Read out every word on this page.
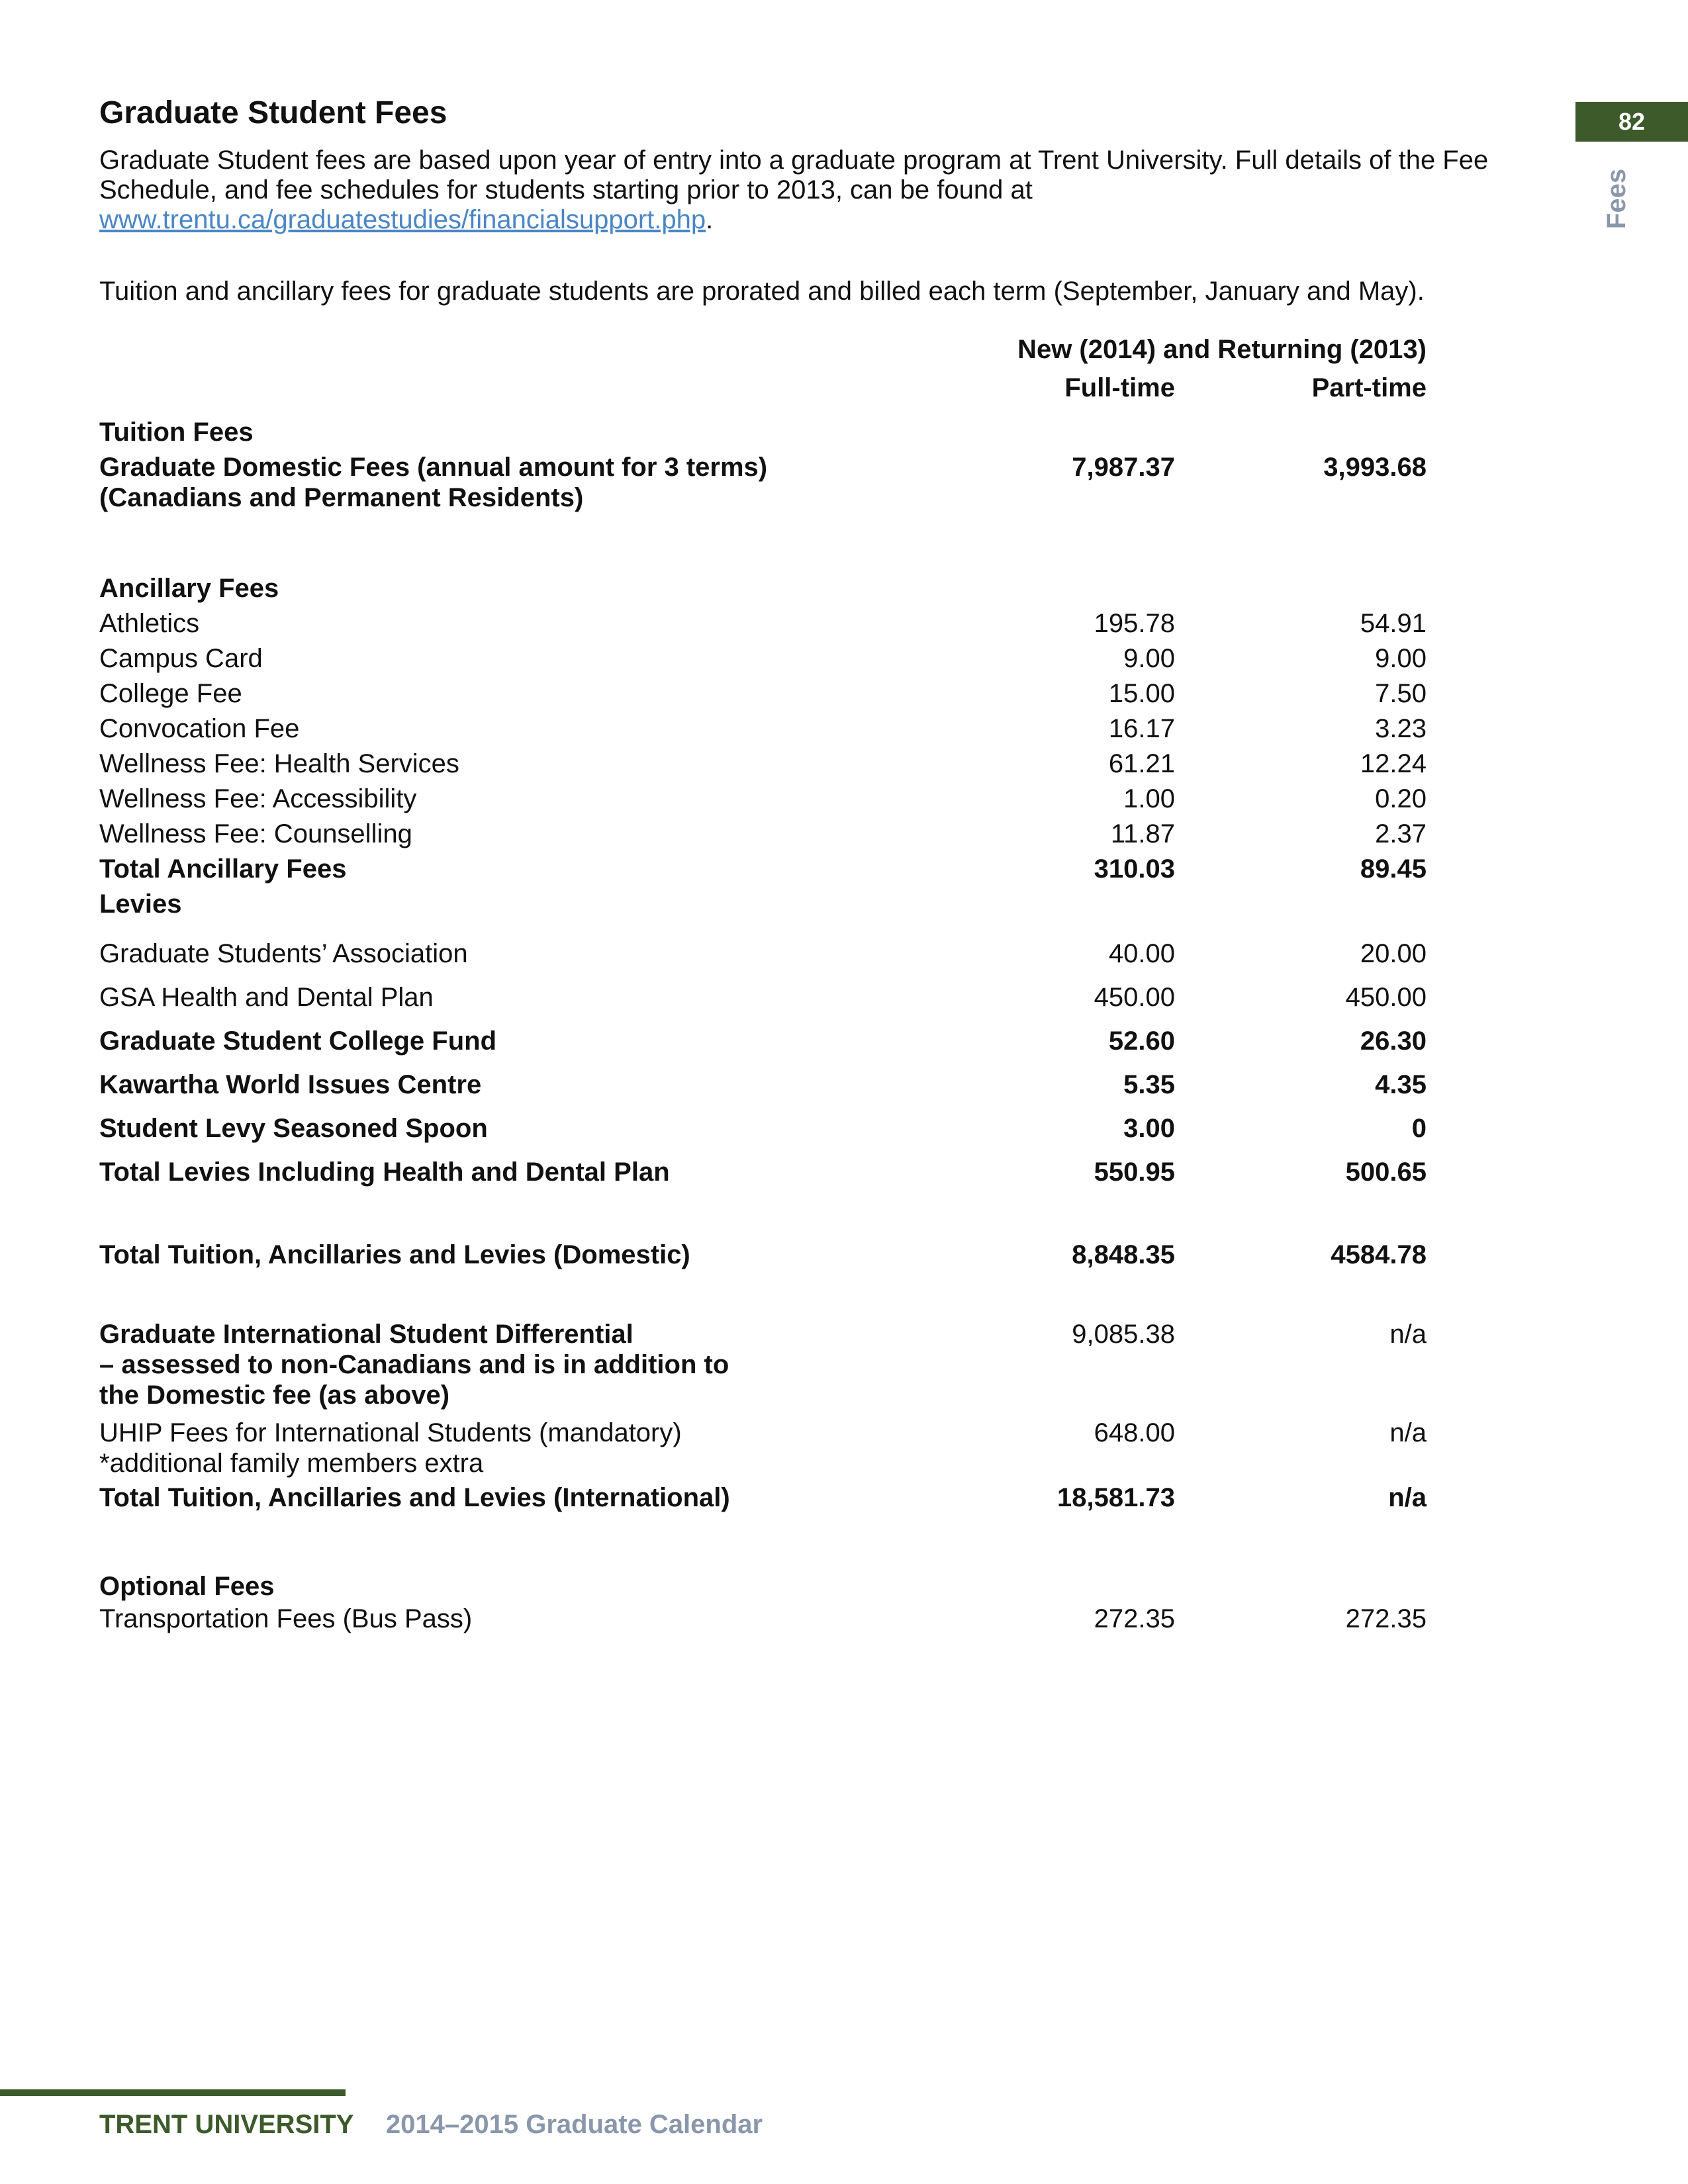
82
Fees
Graduate Student Fees

Graduate Student fees are based upon year of entry into a graduate program at Trent University. Full details of the Fee Schedule, and fee schedules for students starting prior to 2013, can be found at www.trentu.ca/graduatestudies/financialsupport.php.

Tuition and ancillary fees for graduate students are prorated and billed each term (September, January and May).

New (2014) and Returning (2013)
Full-time	Part-time
Tuition Fees
Graduate Domestic Fees (annual amount for 3 terms)
(Canadians and Permanent Residents)
7,987.37	3,993.68
Ancillary Fees
Athletics	195.78	54.91
Campus Card	9.00	9.00
College Fee	15.00	7.50
Convocation Fee	16.17	3.23
Wellness Fee: Health Services	61.21	12.24
Wellness Fee: Accessibility	1.00	0.20
Wellness Fee: Counselling	11.87	2.37
Total Ancillary Fees	310.03	89.45
Levies
Graduate Students’ Association	40.00	20.00
GSA Health and Dental Plan	450.00	450.00
Graduate Student College Fund	52.60	26.30
Kawartha World Issues Centre	5.35	4.35
Student Levy Seasoned Spoon	3.00	0
Total Levies Including Health and Dental Plan	550.95	500.65
Total Tuition, Ancillaries and Levies (Domestic)	8,848.35	4584.78
Graduate International Student Differential
– assessed to non-Canadians and is in addition to
the Domestic fee (as above)
9,085.38	n/a
UHIP Fees for International Students (mandatory)
*additional family members extra
648.00	n/a
Total Tuition, Ancillaries and Levies (International)	18,581.73	n/a
Optional Fees
Transportation Fees (Bus Pass)	272.35	272.35
TRENT UNIVERSITY 2014–2015 Graduate Calendar
